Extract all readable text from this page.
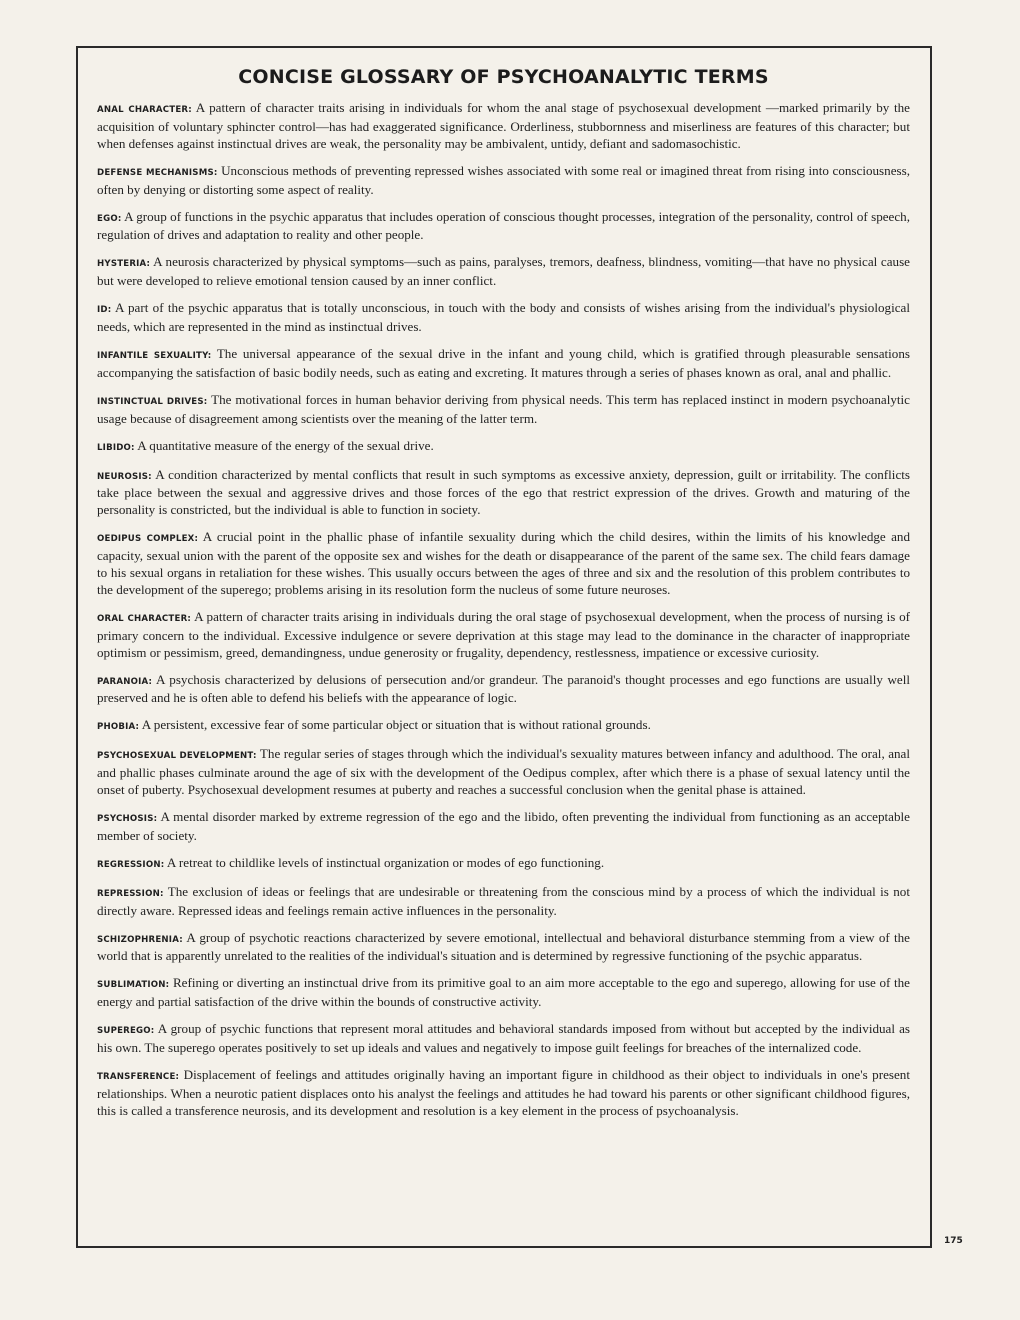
CONCISE GLOSSARY OF PSYCHOANALYTIC TERMS

ANAL CHARACTER: A pattern of character traits arising in individuals for whom the anal stage of psychosexual development —marked primarily by the acquisition of voluntary sphincter control—has had exaggerated significance. Orderliness, stubbornness and miserliness are features of this character; but when defenses against instinctual drives are weak, the personality may be ambivalent, untidy, defiant and sadomasochistic.

DEFENSE MECHANISMS: Unconscious methods of preventing repressed wishes associated with some real or imagined threat from rising into consciousness, often by denying or distorting some aspect of reality.

EGO: A group of functions in the psychic apparatus that includes operation of conscious thought processes, integration of the personality, control of speech, regulation of drives and adaptation to reality and other people.

HYSTERIA: A neurosis characterized by physical symptoms—such as pains, paralyses, tremors, deafness, blindness, vomiting—that have no physical cause but were developed to relieve emotional tension caused by an inner conflict.

ID: A part of the psychic apparatus that is totally unconscious, in touch with the body and consists of wishes arising from the individual's physiological needs, which are represented in the mind as instinctual drives.

INFANTILE SEXUALITY: The universal appearance of the sexual drive in the infant and young child, which is gratified through pleasurable sensations accompanying the satisfaction of basic bodily needs, such as eating and excreting. It matures through a series of phases known as oral, anal and phallic.

INSTINCTUAL DRIVES: The motivational forces in human behavior deriving from physical needs. This term has replaced instinct in modern psychoanalytic usage because of disagreement among scientists over the meaning of the latter term.

LIBIDO: A quantitative measure of the energy of the sexual drive.

NEUROSIS: A condition characterized by mental conflicts that result in such symptoms as excessive anxiety, depression, guilt or irritability. The conflicts take place between the sexual and aggressive drives and those forces of the ego that restrict expression of the drives. Growth and maturing of the personality is constricted, but the individual is able to function in society.

OEDIPUS COMPLEX: A crucial point in the phallic phase of infantile sexuality during which the child desires, within the limits of his knowledge and capacity, sexual union with the parent of the opposite sex and wishes for the death or disappearance of the parent of the same sex. The child fears damage to his sexual organs in retaliation for these wishes. This usually occurs between the ages of three and six and the resolution of this problem contributes to the development of the superego; problems arising in its resolution form the nucleus of some future neuroses.

ORAL CHARACTER: A pattern of character traits arising in individuals during the oral stage of psychosexual development, when the process of nursing is of primary concern to the individual. Excessive indulgence or severe deprivation at this stage may lead to the dominance in the character of inappropriate optimism or pessimism, greed, demandingness, undue generosity or frugality, dependency, restlessness, impatience or excessive curiosity.

PARANOIA: A psychosis characterized by delusions of persecution and/or grandeur. The paranoid's thought processes and ego functions are usually well preserved and he is often able to defend his beliefs with the appearance of logic.

PHOBIA: A persistent, excessive fear of some particular object or situation that is without rational grounds.

PSYCHOSEXUAL DEVELOPMENT: The regular series of stages through which the individual's sexuality matures between infancy and adulthood. The oral, anal and phallic phases culminate around the age of six with the development of the Oedipus complex, after which there is a phase of sexual latency until the onset of puberty. Psychosexual development resumes at puberty and reaches a successful conclusion when the genital phase is attained.

PSYCHOSIS: A mental disorder marked by extreme regression of the ego and the libido, often preventing the individual from functioning as an acceptable member of society.

REGRESSION: A retreat to childlike levels of instinctual organization or modes of ego functioning.

REPRESSION: The exclusion of ideas or feelings that are undesirable or threatening from the conscious mind by a process of which the individual is not directly aware. Repressed ideas and feelings remain active influences in the personality.

SCHIZOPHRENIA: A group of psychotic reactions characterized by severe emotional, intellectual and behavioral disturbance stemming from a view of the world that is apparently unrelated to the realities of the individual's situation and is determined by regressive functioning of the psychic apparatus.

SUBLIMATION: Refining or diverting an instinctual drive from its primitive goal to an aim more acceptable to the ego and superego, allowing for use of the energy and partial satisfaction of the drive within the bounds of constructive activity.

SUPEREGO: A group of psychic functions that represent moral attitudes and behavioral standards imposed from without but accepted by the individual as his own. The superego operates positively to set up ideals and values and negatively to impose guilt feelings for breaches of the internalized code.

TRANSFERENCE: Displacement of feelings and attitudes originally having an important figure in childhood as their object to individuals in one's present relationships. When a neurotic patient displaces onto his analyst the feelings and attitudes he had toward his parents or other significant childhood figures, this is called a transference neurosis, and its development and resolution is a key element in the process of psychoanalysis.

175
